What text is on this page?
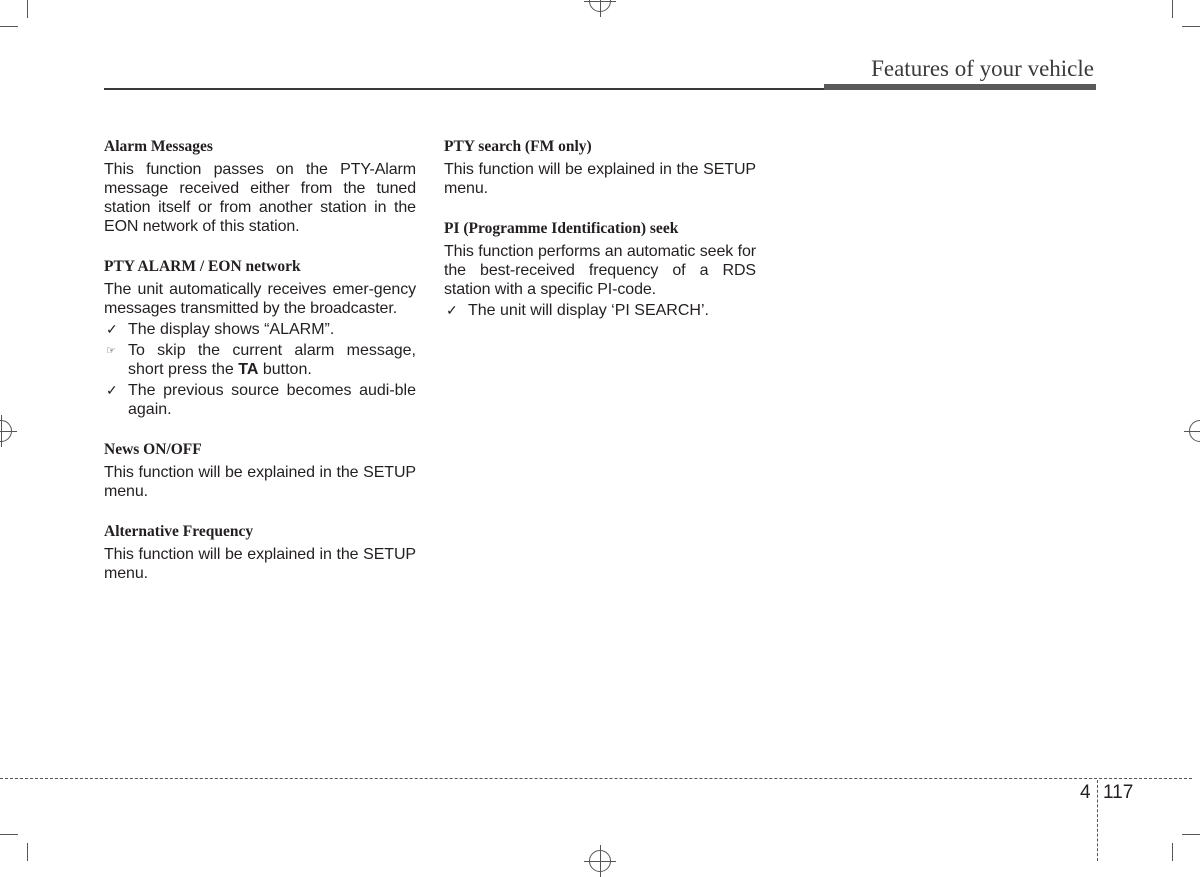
Features of your vehicle
Alarm Messages

This function passes on the PTY-Alarm message received either from the tuned station itself or from another station in the EON network of this station.

PTY ALARM / EON network

The unit automatically receives emer-gency messages transmitted by the broadcaster.

✓ The display shows “ALARM”.
☞ To skip the current alarm message, short press the TA button.
✓ The previous source becomes audi-ble again.
News ON/OFF

This function will be explained in the SETUP menu.

Alternative Frequency

This function will be explained in the SETUP menu.

PTY search (FM only)

This function will be explained in the SETUP menu.

PI (Programme Identification) seek

This function performs an automatic seek for the best-received frequency of a RDS station with a specific PI-code.

✓ The unit will display ‘PI SEARCH’.
4 117
